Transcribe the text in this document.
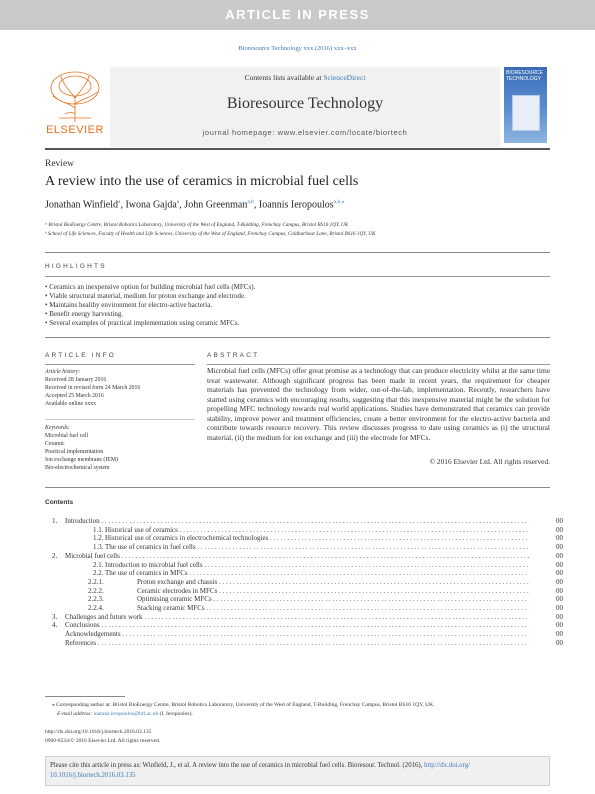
ARTICLE IN PRESS
Bioresource Technology xxx (2016) xxx–xxx
ELSEVIER
Contents lists available at ScienceDirect
Bioresource Technology
journal homepage: www.elsevier.com/locate/biortech
BIORESOURCE TECHNOLOGY
Review
A review into the use of ceramics in microbial fuel cells
Jonathan Winfield$^a$, Iwona Gajda$^a$, John Greenman$^{a,b}$, Ioannis Ieropoulos$^{a,b,⁎}$
ᵃ Bristol BioEnergy Centre, Bristol Robotics Laboratory, University of the West of England, T-Building, Frenchay Campus, Bristol BS16 1QY, UK
ᵇ School of Life Sciences, Faculty of Health and Life Sciences, University of the West of England, Frenchay Campus, Coldharbour Lane, Bristol BS16 1QY, UK
HIGHLIGHTS
• Ceramics an inexpensive option for building microbial fuel cells (MFCs).
• Viable structural material, medium for proton exchange and electrode.
• Maintains healthy environment for electro-active bacteria.
• Benefit energy harvesting.
• Several examples of practical implementation using ceramic MFCs.
ARTICLE INFO
Article history:
Received 28 January 2016
Received in revised form 24 March 2016
Accepted 25 March 2016
Available online xxxx
Keywords:
Microbial fuel cell
Ceramic
Practical implementation
Ion exchange membrane (IEM)
Bio-electrochemical system
ABSTRACT
Microbial fuel cells (MFCs) offer great promise as a technology that can produce electricity whilst at the same time treat wastewater. Although significant progress has been made in recent years, the requirement for cheaper materials has prevented the technology from wider, out-of-the-lab, implementation. Recently, researchers have started using ceramics with encouraging results, suggesting that this inexpensive material might be the solution for propelling MFC technology towards real world applications. Studies have demonstrated that ceramics can provide stability, improve power and treatment efficiencies, create a better environment for the electro-active bacteria and contribute towards resource recovery. This review discusses progress to date using ceramics as (i) the structural material, (ii) the medium for ion exchange and (iii) the electrode for MFCs.
© 2016 Elsevier Ltd. All rights reserved.
Contents
1. Introduction . . .	00
1.1. Historical use of ceramics . . .	00
1.2. Historical use of ceramics in electrochemical technologies . . .	00
1.3. The use of ceramics in fuel cells . . .	00
2. Microbial fuel cells . . .	00
2.1. Introduction to microbial fuel cells . . .	00
2.2. The use of ceramics in MFCs . . .	00
2.2.1.	Proton exchange and chassis . . .	00
2.2.2.	Ceramic electrodes in MFCs . . .	00
2.2.3.	Optimising ceramic MFCs . . .	00
2.2.4.	Stacking ceramic MFCs . . .	00
3. Challenges and future work . . .	00
4. Conclusions . . .	00
Acknowledgements . . .	00
References . . .	00
⁎ Corresponding author at: Bristol BioEnergy Centre, Bristol Robotics Laboratory, University of the West of England, T-Building, Frenchay Campus, Bristol BS16 1QY, UK.
E-mail address: ioannis.ieropoulos@brl.ac.uk (I. Ieropoulos).
http://dx.doi.org/10.1016/j.biortech.2016.03.135
0960-8524/© 2016 Elsevier Ltd. All rights reserved.
Please cite this article in press as: Winfield, J., et al. A review into the use of ceramics in microbial fuel cells. Bioresour. Technol. (2016), http://dx.doi.org/
10.1016/j.biortech.2016.03.135
